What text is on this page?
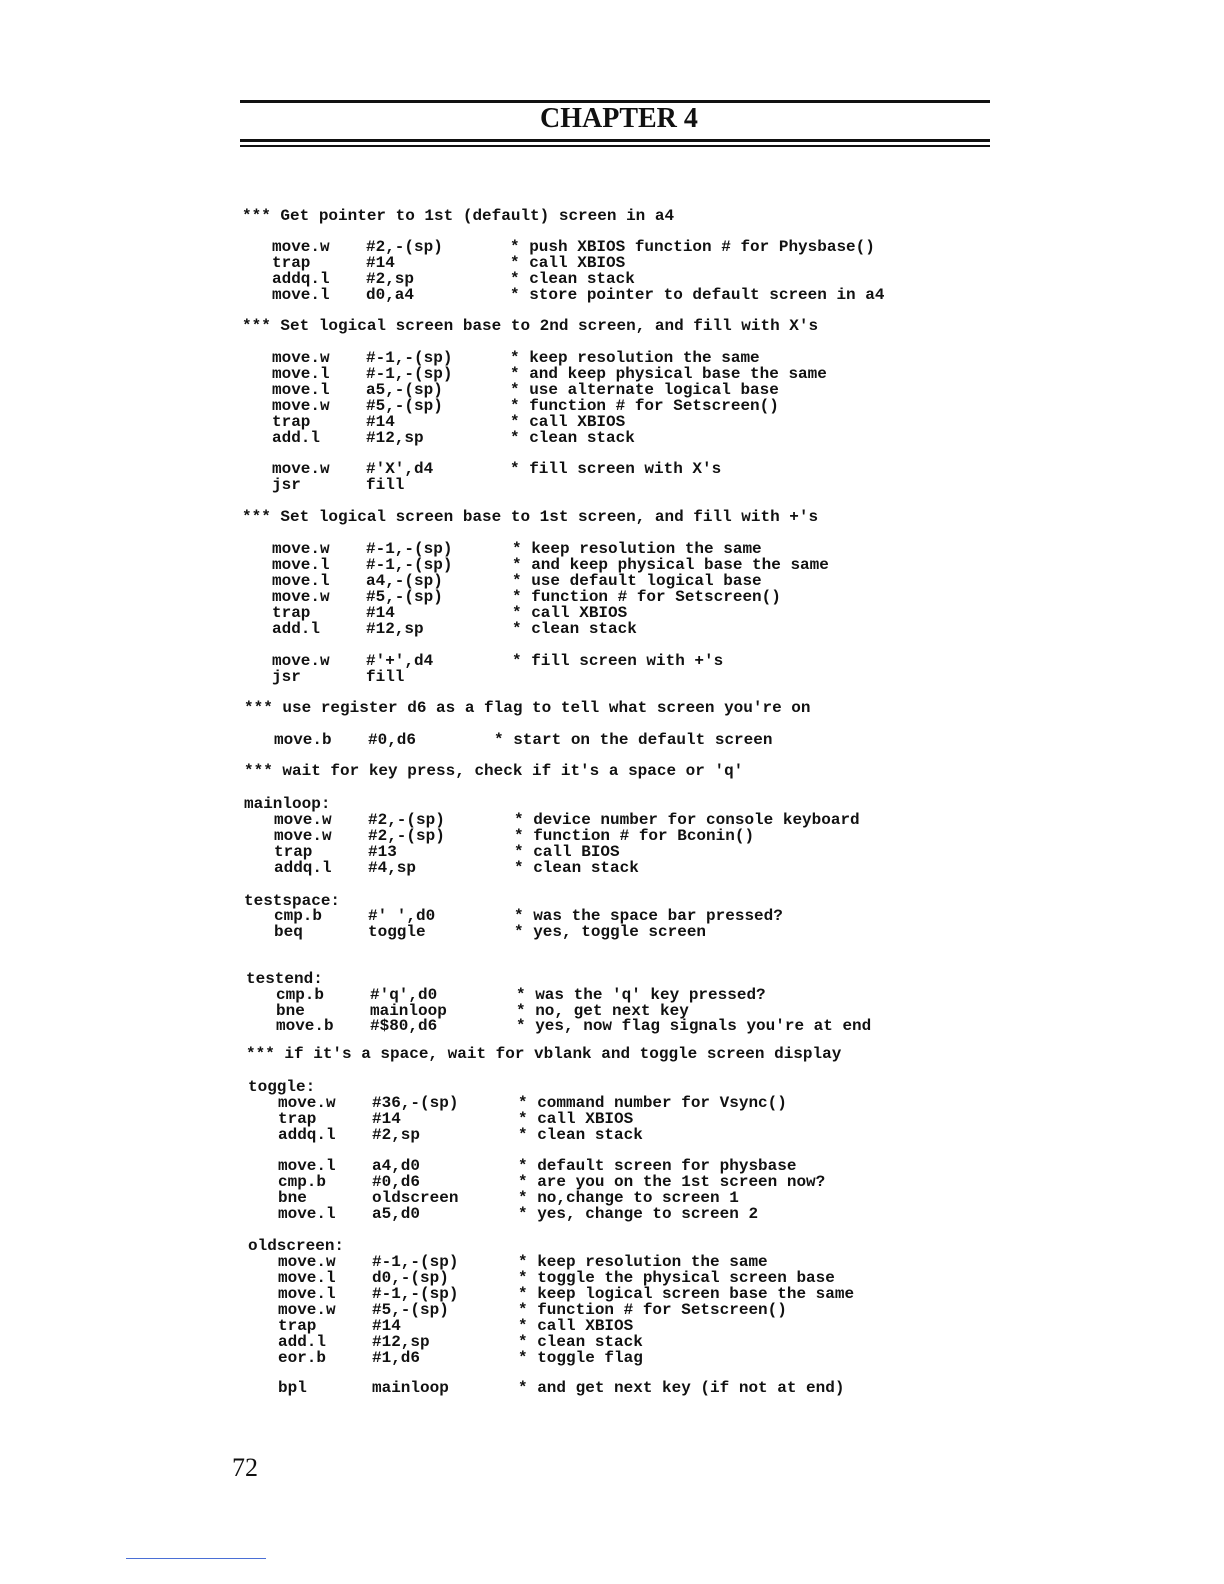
CHAPTER 4
*** Get pointer to 1st (default) screen in a4
move.w #2,-(sp)	* push XBIOS function # for Physbase()
trap	#14	* call XBIOS
addq.l #2,sp	* clean stack
move.l d0,a4	* store pointer to default screen in a4
*** Set logical screen base to 2nd screen, and fill with X's
move.w #-1,-(sp)	* keep resolution the same
move.l #-1,-(sp)	* and keep physical base the same
move.l a5,-(sp)	* use alternate logical base
move.w #5,-(sp)	* function # for Setscreen()
trap	#14	* call XBIOS
add.l	#12,sp	* clean stack
move.w #'X',d4	* fill screen with X's
jsr	fill
*** Set logical screen base to 1st screen, and fill with +'s
move.w #-1,-(sp)	* keep resolution the same
move.l #-1,-(sp)	* and keep physical base the same
move.l a4,-(sp)	* use default logical base
move.w #5,-(sp)	* function # for Setscreen()
trap	#14	* call XBIOS
add.l	#12,sp	* clean stack
move.w #'+',d4	* fill screen with +'s
jsr	fill
*** use register d6 as a flag to tell what screen you're on
move.b #0,d6	* start on the default screen
*** wait for key press, check if it's a space or 'q'
mainloop:
move.w #2,-(sp)	* device number for console keyboard
move.w #2,-(sp)	* function # for Bconin()
trap	#13	* call BIOS
addq.l #4,sp	* clean stack
testspace:
cmp.b	#' ',d0	* was the space bar pressed?
beq	toggle	* yes, toggle screen
testend:
cmp.b	#'q',d0	* was the 'q' key pressed?
bne	mainloop	* no, get next key
move.b #$80,d6	* yes, now flag signals you're at end
*** if it's a space, wait for vblank and toggle screen display
toggle:
move.w #36,-(sp)	* command number for Vsync()
trap	#14	* call XBIOS
addq.l #2,sp	* clean stack
move.l a4,d0	* default screen for physbase
cmp.b	#0,d6	* are you on the 1st screen now?
bne	oldscreen	* no,change to screen 1
move.l a5,d0	* yes, change to screen 2
oldscreen:
move.w #-1,-(sp)	* keep resolution the same
move.l d0,-(sp)	* toggle the physical screen base
move.l #-1,-(sp)	* keep logical screen base the same
move.w #5,-(sp)	* function # for Setscreen()
trap	#14	* call XBIOS
add.l	#12,sp	* clean stack
eor.b	#1,d6	* toggle flag
bpl	mainloop	* and get next key (if not at end)
72
